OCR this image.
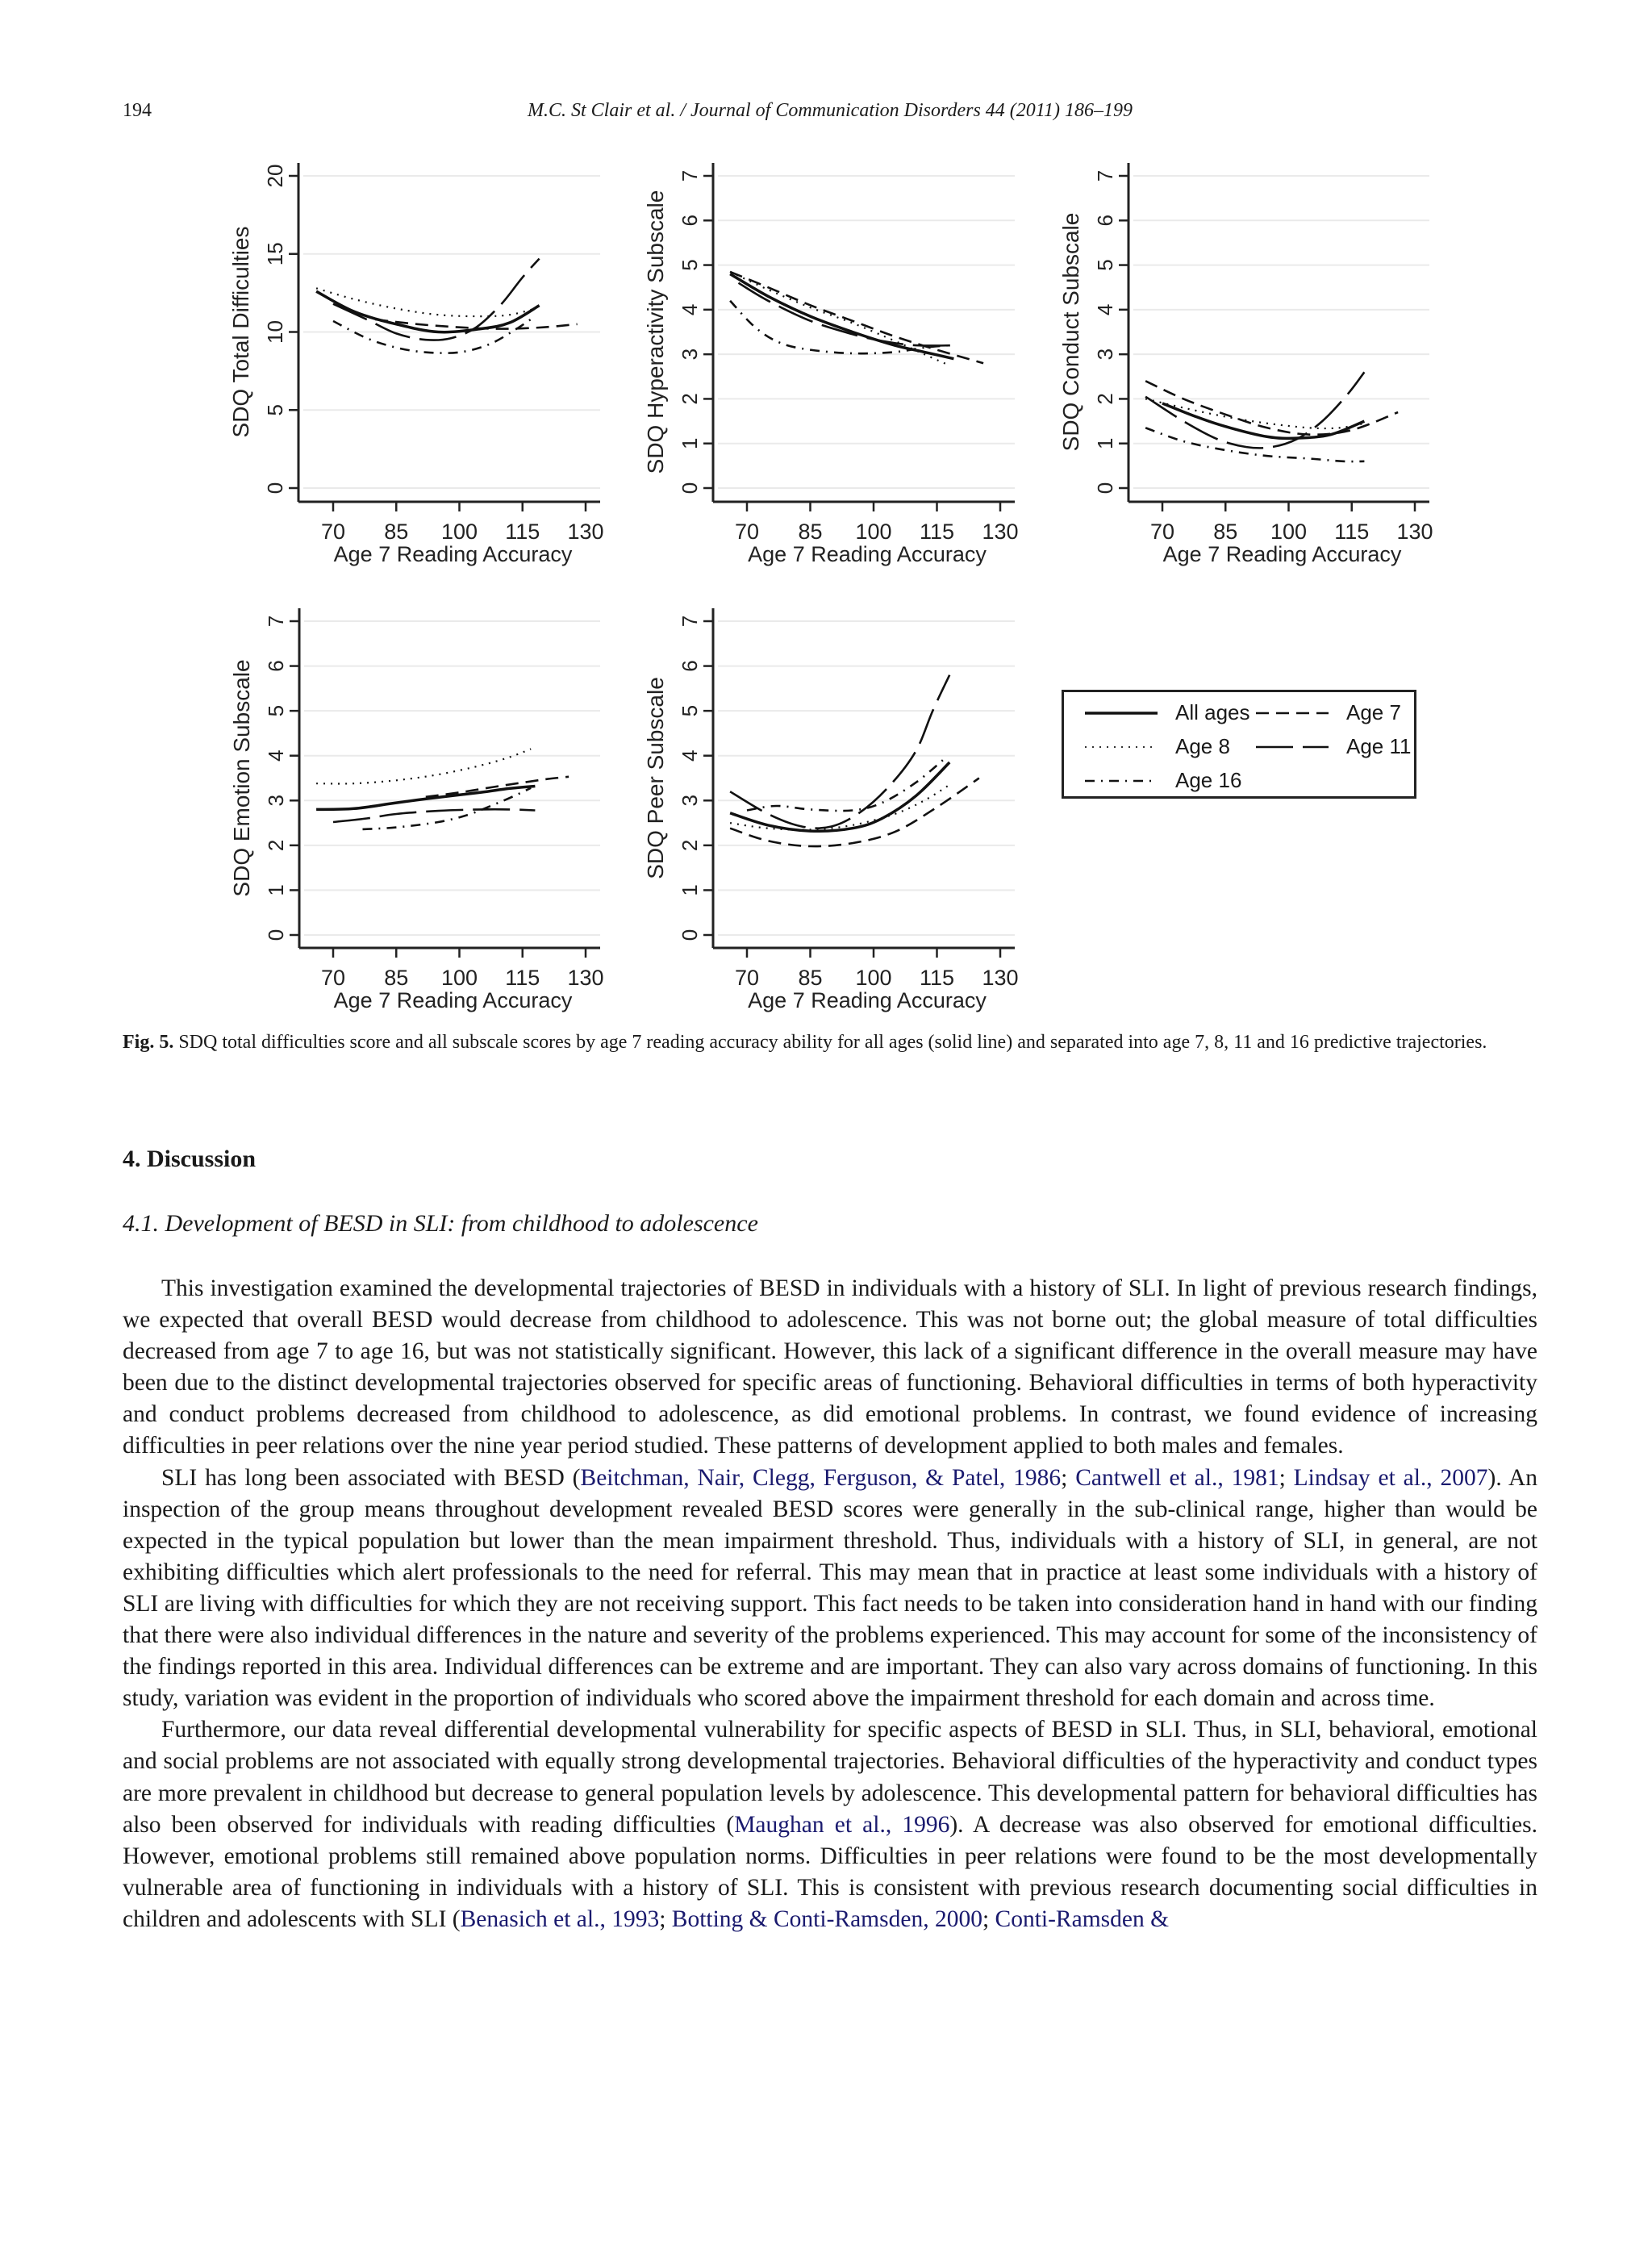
194	M.C. St Clair et al. / Journal of Communication Disorders 44 (2011) 186–199
0
5
10
15
20
70 85 100 115 130
Age 7 Reading Accuracy
SDQ Total Difficulties
0
1
2
3
4
5
6
7
70 85 100 115 130
Age 7 Reading Accuracy
SDQ Hyperactivity Subscale
0
1
2
3
4
5
6
7
70 85 100 115 130
Age 7 Reading Accuracy
SDQ Conduct Subscale
0
1
2
3
4
5
6
7
70 85 100 115 130
Age 7 Reading Accuracy
SDQ Emotion Subscale
0
1
2
3
4
5
6
7
70 85 100 115 130
Age 7 Reading Accuracy
SDQ Peer Subscale	All ages	Age 7
Age 8	Age 11
Age 16
Fig. 5. SDQ total difficulties score and all subscale scores by age 7 reading accuracy ability for all ages (solid line) and separated into age 7, 8, 11 and 16 predictive trajectories.
4. Discussion
4.1. Development of BESD in SLI: from childhood to adolescence

This investigation examined the developmental trajectories of BESD in individuals with a history of SLI. In light of previous research findings, we expected that overall BESD would decrease from childhood to adolescence. This was not borne out; the global measure of total difficulties decreased from age 7 to age 16, but was not statistically significant. However, this lack of a significant difference in the overall measure may have been due to the distinct developmental trajectories observed for specific areas of functioning. Behavioral difficulties in terms of both hyperactivity and conduct problems decreased from childhood to adolescence, as did emotional problems. In contrast, we found evidence of increasing difficulties in peer relations over the nine year period studied. These patterns of development applied to both males and females.

SLI has long been associated with BESD (Beitchman, Nair, Clegg, Ferguson, & Patel, 1986; Cantwell et al., 1981; Lindsay et al., 2007). An inspection of the group means throughout development revealed BESD scores were generally in the sub-clinical range, higher than would be expected in the typical population but lower than the mean impairment threshold. Thus, individuals with a history of SLI, in general, are not exhibiting difficulties which alert professionals to the need for referral. This may mean that in practice at least some individuals with a history of SLI are living with difficulties for which they are not receiving support. This fact needs to be taken into consideration hand in hand with our finding that there were also individual differences in the nature and severity of the problems experienced. This may account for some of the inconsistency of the findings reported in this area. Individual differences can be extreme and are important. They can also vary across domains of functioning. In this study, variation was evident in the proportion of individuals who scored above the impairment threshold for each domain and across time.

Furthermore, our data reveal differential developmental vulnerability for specific aspects of BESD in SLI. Thus, in SLI, behavioral, emotional and social problems are not associated with equally strong developmental trajectories. Behavioral difficulties of the hyperactivity and conduct types are more prevalent in childhood but decrease to general population levels by adolescence. This developmental pattern for behavioral difficulties has also been observed for individuals with reading difficulties (Maughan et al., 1996). A decrease was also observed for emotional difficulties. However, emotional problems still remained above population norms. Difficulties in peer relations were found to be the most developmentally vulnerable area of functioning in individuals with a history of SLI. This is consistent with previous research documenting social difficulties in children and adolescents with SLI (Benasich et al., 1993; Botting & Conti-Ramsden, 2000; Conti-Ramsden &
